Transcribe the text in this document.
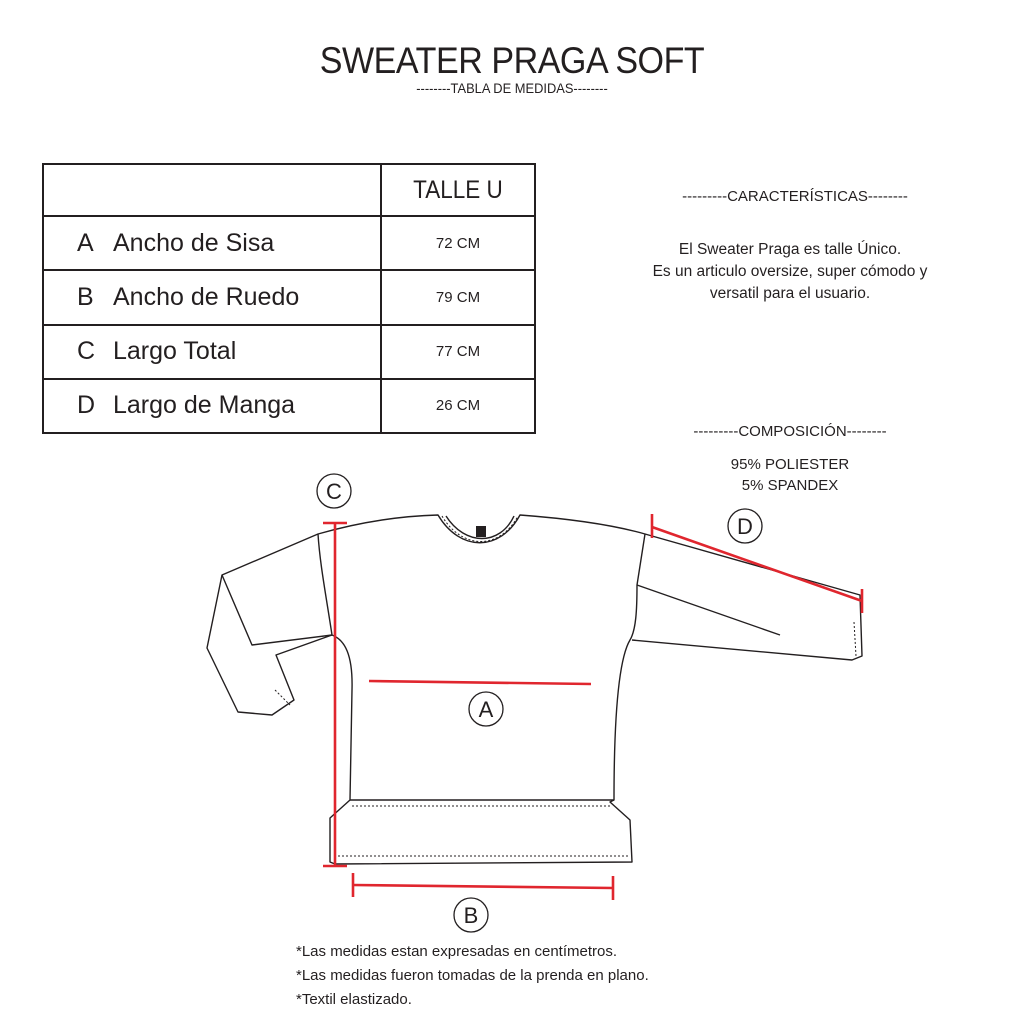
SWEATER PRAGA SOFT
--------TABLA DE MEDIDAS--------
	TALLE U
A Ancho de Sisa	72 CM
B Ancho de Ruedo	79 CM
C Largo Total	77 CM
D Largo de Manga	26 CM
---------CARACTERÍSTICAS--------
El Sweater Praga es talle Único.
Es un articulo oversize, super cómodo y
versatil para el usuario.
---------COMPOSICIÓN--------
95% POLIESTER
5% SPANDEX
C
A
B
D
*Las medidas estan expresadas en centímetros.
*Las medidas fueron tomadas de la prenda en plano.
*Textil elastizado.
